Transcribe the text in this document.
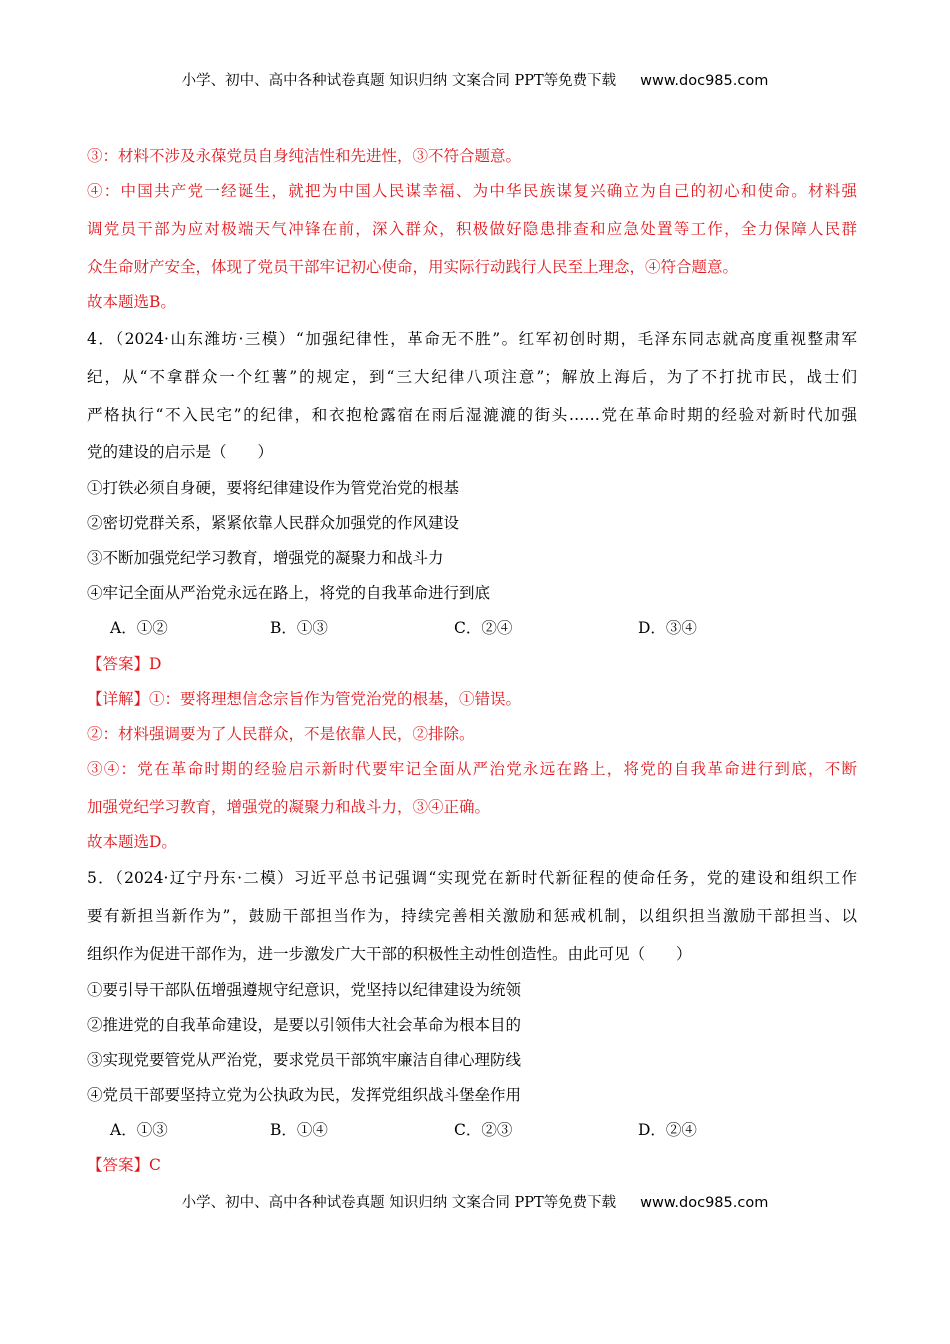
小学、初中、高中各种试卷真题 知识归纳 文案合同 PPT等免费下载 www.doc985.com
③：材料不涉及永葆党员自身纯洁性和先进性，③不符合题意。
④：中国共产党一经诞生，就把为中国人民谋幸福、为中华民族谋复兴确立为自己的初心和使命。材料强
调党员干部为应对极端天气冲锋在前，深入群众，积极做好隐患排查和应急处置等工作，全力保障人民群
众生命财产安全，体现了党员干部牢记初心使命，用实际行动践行人民至上理念，④符合题意。
故本题选B。
4．（2024·山东潍坊·三模）“加强纪律性，革命无不胜”。红军初创时期，毛泽东同志就高度重视整肃军
纪，从“不拿群众一个红薯”的规定，到“三大纪律八项注意”；解放上海后，为了不打扰市民，战士们
严格执行“不入民宅”的纪律，和衣抱枪露宿在雨后湿漉漉的街头……党在革命时期的经验对新时代加强
党的建设的启示是（　　）
①打铁必须自身硬，要将纪律建设作为管党治党的根基
②密切党群关系，紧紧依靠人民群众加强党的作风建设
③不断加强党纪学习教育，增强党的凝聚力和战斗力
④牢记全面从严治党永远在路上，将党的自我革命进行到底
A．①②	B．①③	C．②④	D．③④
【答案】D
【详解】①：要将理想信念宗旨作为管党治党的根基，①错误。
②：材料强调要为了人民群众，不是依靠人民，②排除。
③④：党在革命时期的经验启示新时代要牢记全面从严治党永远在路上，将党的自我革命进行到底，不断
加强党纪学习教育，增强党的凝聚力和战斗力，③④正确。
故本题选D。
5．（2024·辽宁丹东·二模）习近平总书记强调“实现党在新时代新征程的使命任务，党的建设和组织工作
要有新担当新作为”，鼓励干部担当作为，持续完善相关激励和惩戒机制，以组织担当激励干部担当、以
组织作为促进干部作为，进一步激发广大干部的积极性主动性创造性。由此可见（　　）
①要引导干部队伍增强遵规守纪意识，党坚持以纪律建设为统领
②推进党的自我革命建设，是要以引领伟大社会革命为根本目的
③实现党要管党从严治党，要求党员干部筑牢廉洁自律心理防线
④党员干部要坚持立党为公执政为民，发挥党组织战斗堡垒作用
A．①③	B．①④	C．②③	D．②④
【答案】C
小学、初中、高中各种试卷真题 知识归纳 文案合同 PPT等免费下载 www.doc985.com
